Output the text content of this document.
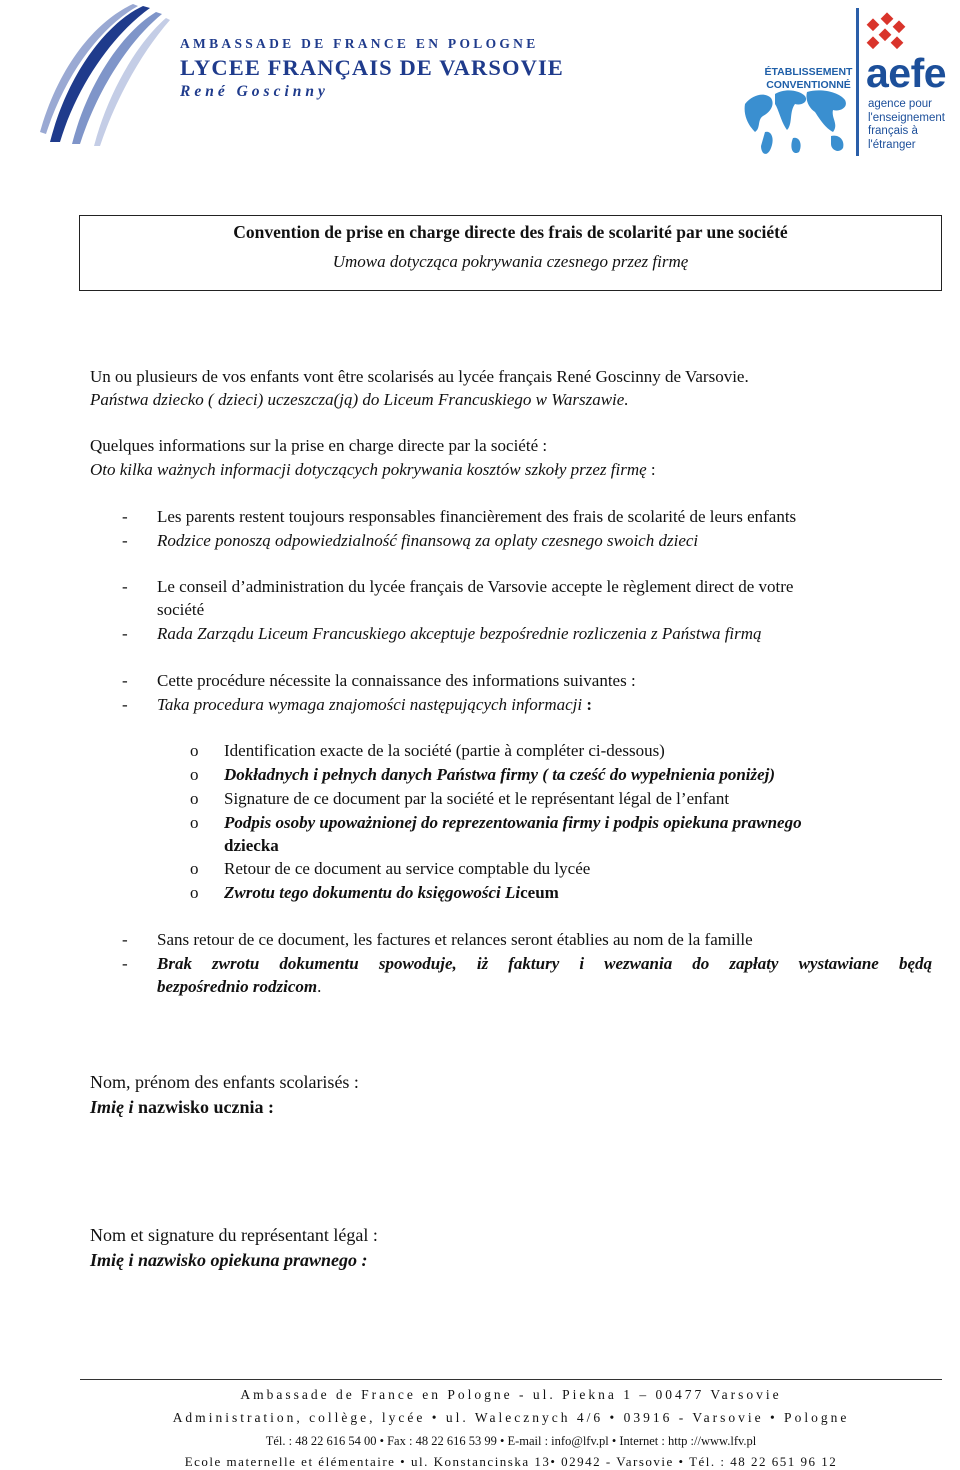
AMBASSADE DE FRANCE EN POLOGNE
LYCEE FRANÇAIS DE VARSOVIE
René Goscinny
ÉTABLISSEMENT CONVENTIONNÉ aefe
agence pour l'enseignement français à l'étranger
Convention de prise en charge directe des frais de scolarité par une société
Umowa dotycząca pokrywania czesnego przez firmę
Un ou plusieurs de vos enfants vont être scolarisés au lycée français René Goscinny de Varsovie.
Państwa dziecko ( dzieci) uczeszcza(ją) do Liceum Francuskiego w Warszawie.
Quelques informations sur la prise en charge directe par la société :
Oto kilka ważnych informacji dotyczących pokrywania kosztów szkoły przez firmę :
- Les parents restent toujours responsables financièrement des frais de scolarité de leurs enfants
- Rodzice ponoszą odpowiedzialność finansową za oplaty czesnego swoich dzieci
- Le conseil d’administration du lycée français de Varsovie accepte le règlement direct de votre
société
- Rada Zarządu Liceum Francuskiego akceptuje bezpośrednie rozliczenia z Państwa firmą
- Cette procédure nécessite la connaissance des informations suivantes :
- Taka procedura wymaga znajomości następujących informacji :
o Identification exacte de la société (partie à compléter ci-dessous)
o Dokładnych i pełnych danych Państwa firmy ( ta cześć do wypełnienia poniżej)
o Signature de ce document par la société et le représentant légal de l’enfant
o Podpis osoby upoważnionej do reprezentowania firmy i podpis opiekuna prawnego
dziecka
o Retour de ce document au service comptable du lycée
o Zwrotu tego dokumentu do księgowości Liceum
- Sans retour de ce document, les factures et relances seront établies au nom de la famille
- Brak zwrotu dokumentu spowoduje, iż faktury i wezwania do zapłaty wystawiane będą
bezpośrednio rodzicom.
Nom, prénom des enfants scolarisés :
Imię i nazwisko ucznia :
Nom et signature du représentant légal :
Imię i nazwisko opiekuna prawnego :
Ambassade de France en Pologne - ul. Piekna 1 – 00477 Varsovie
Administration, collège, lycée • ul. Walecznych 4/6 • 03916 - Varsovie • Pologne
Tél. : 48 22 616 54 00 • Fax : 48 22 616 53 99 • E-mail : info@lfv.pl • Internet : http ://www.lfv.pl
Ecole maternelle et élémentaire • ul. Konstancinska 13• 02942 - Varsovie • Tél. : 48 22 651 96 12
